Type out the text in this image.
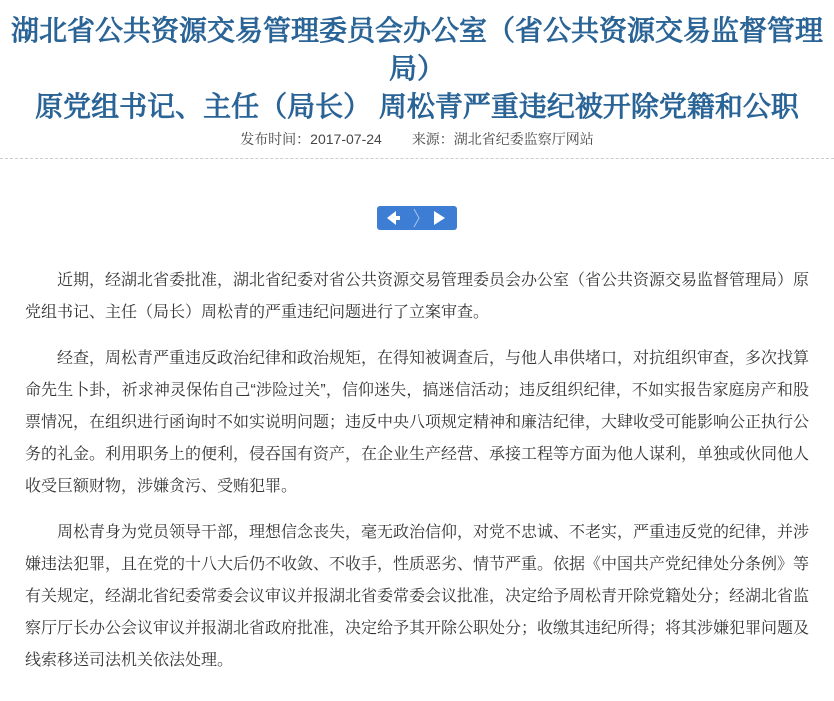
湖北省公共资源交易管理委员会办公室（省公共资源交易监督管理局）
原党组书记、主任（局长） 周松青严重违纪被开除党籍和公职
发布时间：2017-07-24 来源：湖北省纪委监察厅网站

近期，经湖北省委批准，湖北省纪委对省公共资源交易管理委员会办公室（省公共资源交易监督管理局）原党组书记、主任（局长）周松青的严重违纪问题进行了立案审查。

经查，周松青严重违反政治纪律和政治规矩，在得知被调查后，与他人串供堵口，对抗组织审查，多次找算命先生卜卦，祈求神灵保佑自己“涉险过关”，信仰迷失，搞迷信活动；违反组织纪律，不如实报告家庭房产和股票情况，在组织进行函询时不如实说明问题；违反中央八项规定精神和廉洁纪律，大肆收受可能影响公正执行公务的礼金。利用职务上的便利，侵吞国有资产，在企业生产经营、承接工程等方面为他人谋利，单独或伙同他人收受巨额财物，涉嫌贪污、受贿犯罪。

周松青身为党员领导干部，理想信念丧失，毫无政治信仰，对党不忠诚、不老实，严重违反党的纪律，并涉嫌违法犯罪，且在党的十八大后仍不收敛、不收手，性质恶劣、情节严重。依据《中国共产党纪律处分条例》等有关规定，经湖北省纪委常委会议审议并报湖北省委常委会议批准，决定给予周松青开除党籍处分；经湖北省监察厅厅长办公会议审议并报湖北省政府批准，决定给予其开除公职处分；收缴其违纪所得；将其涉嫌犯罪问题及线索移送司法机关依法处理。
